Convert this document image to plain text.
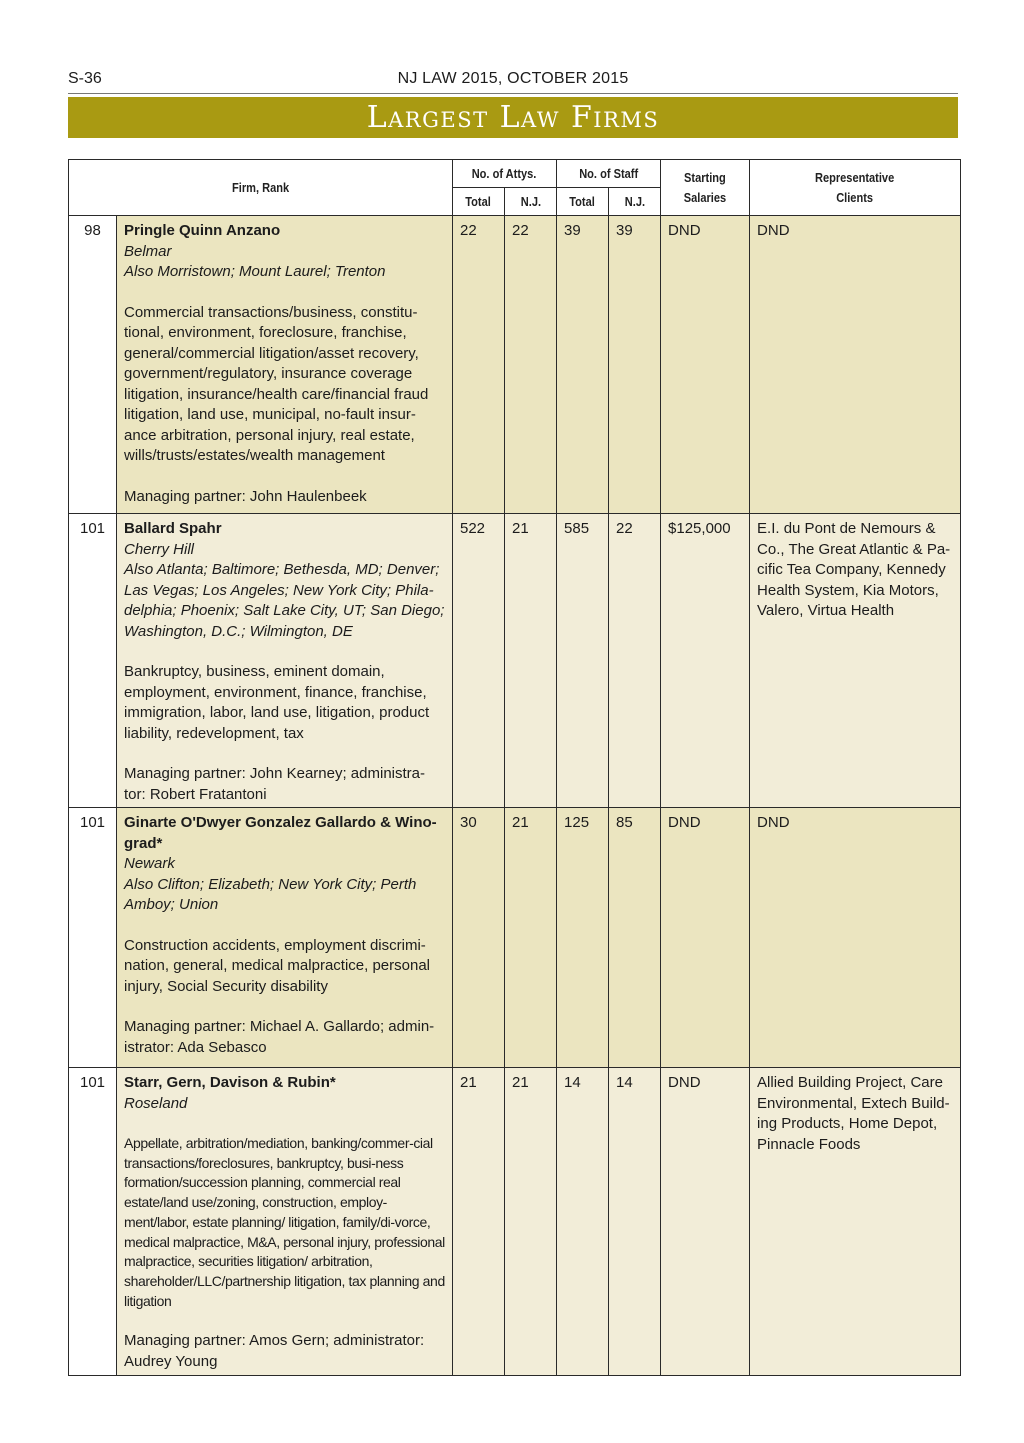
S-36	NJ LAW 2015, OCTOBER 2015
Largest Law Firms
Firm, Rank		No. of Attys.		No. of Staff		Starting
Salaries	Representative
Clients
		Total	N.J.	Total	N.J.		
98	Pringle Quinn Anzano
Belmar
Also Morristown; Mount Laurel; Trenton
Commercial transactions/business, constitu-tional, environment, foreclosure, franchise, general/commercial litigation/asset recovery, government/regulatory, insurance coverage litigation, insurance/health care/financial fraud litigation, land use, municipal, no-fault insur-ance arbitration, personal injury, real estate, wills/trusts/estates/wealth management
Managing partner: John Haulenbeek	22	22	39	39	DND	DND
101	Ballard Spahr
Cherry Hill
Also Atlanta; Baltimore; Bethesda, MD; Denver; Las Vegas; Los Angeles; New York City; Phila-delphia; Phoenix; Salt Lake City, UT; San Diego; Washington, D.C.; Wilmington, DE
Bankruptcy, business, eminent domain, employment, environment, finance, franchise, immigration, labor, land use, litigation, product liability, redevelopment, tax
Managing partner: John Kearney; administra-tor: Robert Fratantoni	522	21	585	22	$125,000	E.I. du Pont de Nemours & Co., The Great Atlantic & Pa-cific Tea Company, Kennedy Health System, Kia Motors, Valero, Virtua Health
101	Ginarte O'Dwyer Gonzalez Gallardo & Wino-grad*
Newark
Also Clifton; Elizabeth; New York City; Perth Amboy; Union
Construction accidents, employment discrimi-nation, general, medical malpractice, personal injury, Social Security disability
Managing partner: Michael A. Gallardo; admin-istrator: Ada Sebasco	30	21	125	85	DND	DND
101	Starr, Gern, Davison & Rubin*
Roseland
Appellate, arbitration/mediation, banking/commer-cial transactions/foreclosures, bankruptcy, busi-ness formation/succession planning, commercial real estate/land use/zoning, construction, employ-ment/labor, estate planning/ litigation, family/di-vorce, medical malpractice, M&A, personal injury, professional malpractice, securities litigation/ arbitration, shareholder/LLC/partnership litigation, tax planning and litigation
Managing partner: Amos Gern; administrator: Audrey Young	21	21	14	14	DND	Allied Building Project, Care Environmental, Extech Build-ing Products, Home Depot, Pinnacle Foods
